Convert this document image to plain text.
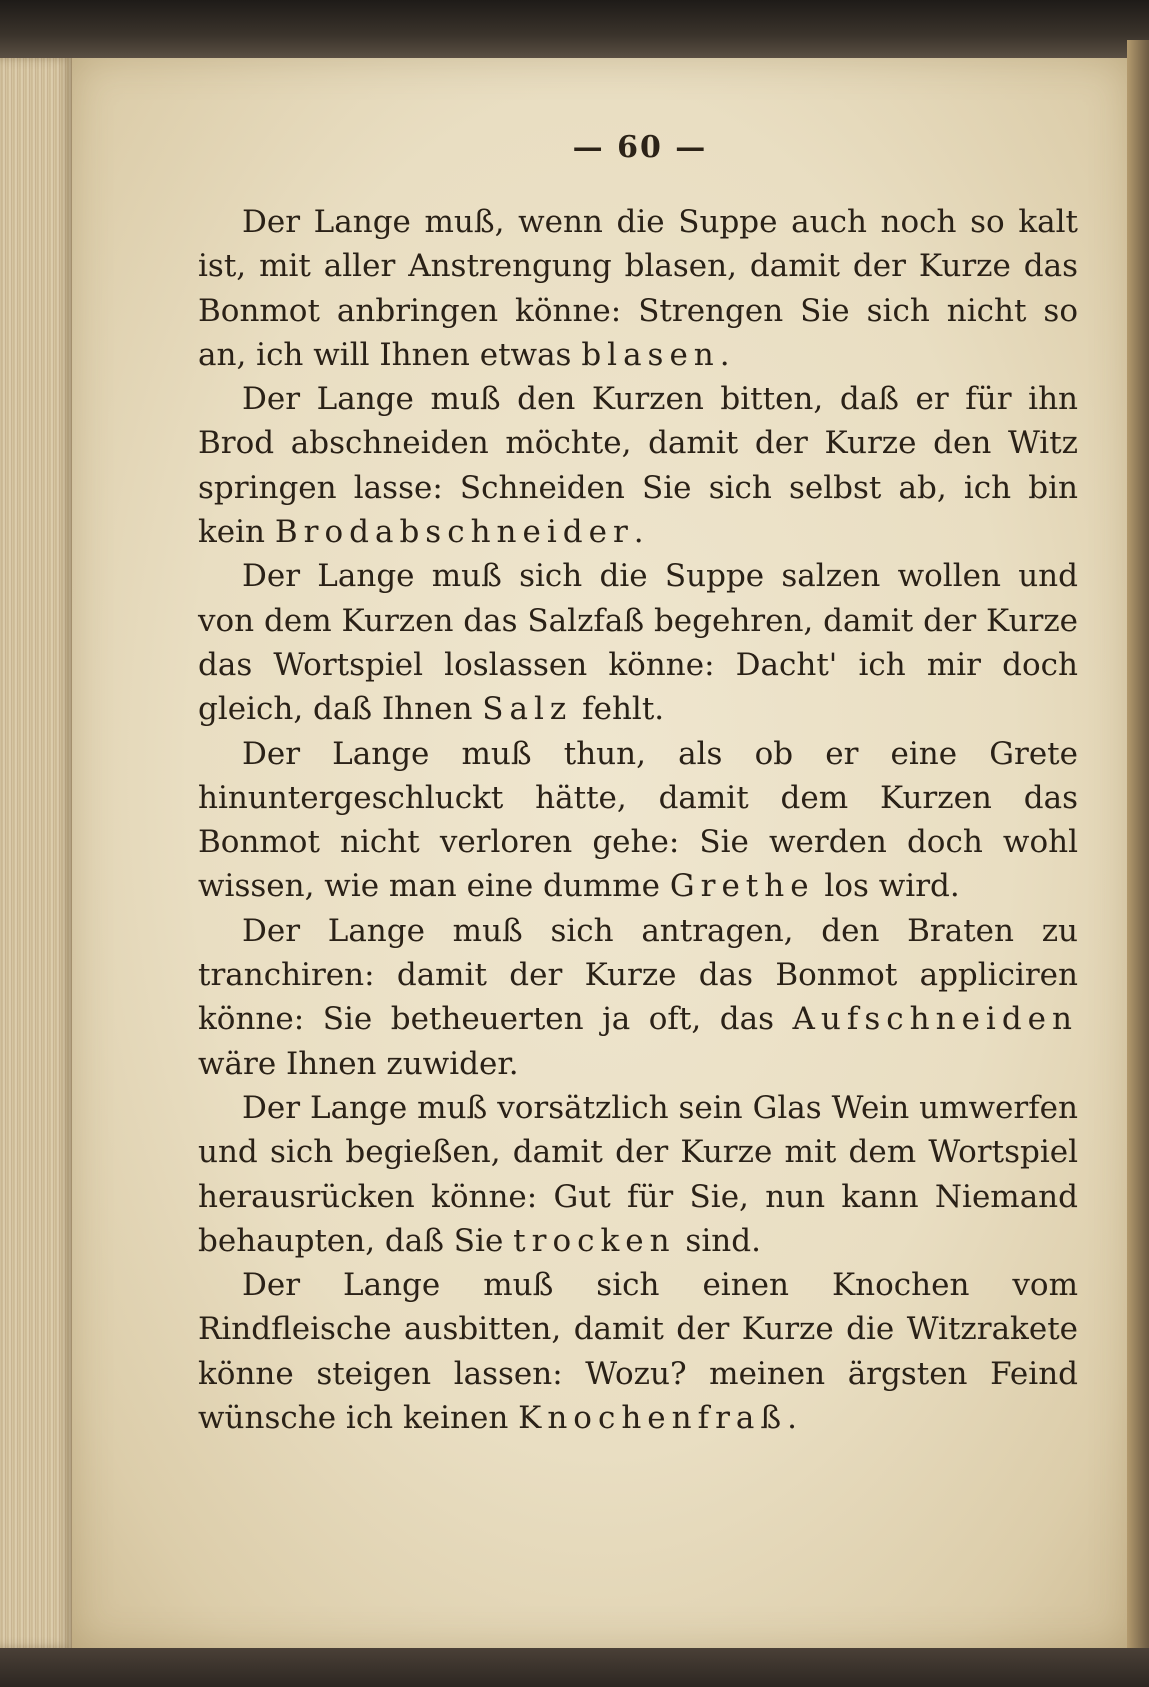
— 60 —

Der Lange muß, wenn die Suppe auch noch so kalt ist, mit aller Anstrengung blasen, damit der Kurze das Bonmot anbringen könne: Strengen Sie sich nicht so an, ich will Ihnen etwas blasen.

Der Lange muß den Kurzen bitten, daß er für ihn Brod abschneiden möchte, damit der Kurze den Witz springen lasse: Schneiden Sie sich selbst ab, ich bin kein Brodabschneider.

Der Lange muß sich die Suppe salzen wollen und von dem Kurzen das Salzfaß begehren, damit der Kurze das Wortspiel loslassen könne: Dacht' ich mir doch gleich, daß Ihnen Salz fehlt.

Der Lange muß thun, als ob er eine Grete hinuntergeschluckt hätte, damit dem Kurzen das Bonmot nicht verloren gehe: Sie werden doch wohl wissen, wie man eine dumme Grethe los wird.

Der Lange muß sich antragen, den Braten zu tranchiren: damit der Kurze das Bonmot appliciren könne: Sie betheuerten ja oft, das Aufschneiden wäre Ihnen zuwider.

Der Lange muß vorsätzlich sein Glas Wein umwerfen und sich begießen, damit der Kurze mit dem Wortspiel herausrücken könne: Gut für Sie, nun kann Niemand behaupten, daß Sie trocken sind.

Der Lange muß sich einen Knochen vom Rindfleische ausbitten, damit der Kurze die Witzrakete könne steigen lassen: Wozu? meinen ärgsten Feind wünsche ich keinen Knochenfraß.
